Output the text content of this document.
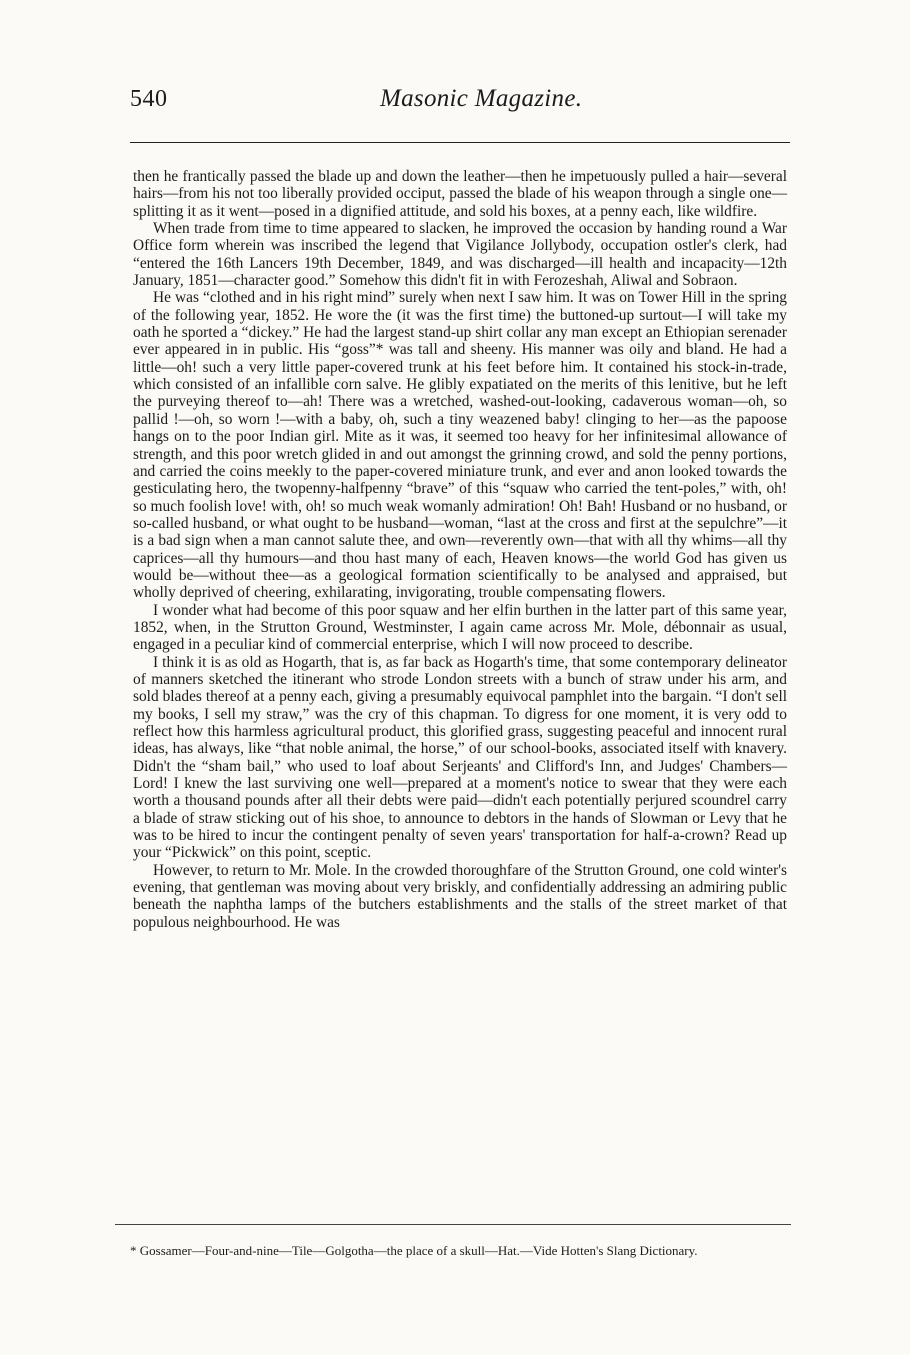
540	Masonic Magazine.

then he frantically passed the blade up and down the leather—then he impetuously pulled a hair—several hairs—from his not too liberally provided occiput, passed the blade of his weapon through a single one—splitting it as it went—posed in a dignified attitude, and sold his boxes, at a penny each, like wildfire.

When trade from time to time appeared to slacken, he improved the occasion by handing round a War Office form wherein was inscribed the legend that Vigilance Jollybody, occupation ostler's clerk, had “entered the 16th Lancers 19th December, 1849, and was discharged—ill health and incapacity—12th January, 1851—character good.” Somehow this didn't fit in with Ferozeshah, Aliwal and Sobraon.

He was “clothed and in his right mind” surely when next I saw him. It was on Tower Hill in the spring of the following year, 1852. He wore the (it was the first time) the buttoned-up surtout—I will take my oath he sported a “dickey.” He had the largest stand-up shirt collar any man except an Ethiopian serenader ever appeared in in public. His “goss”* was tall and sheeny. His manner was oily and bland. He had a little—oh! such a very little paper-covered trunk at his feet before him. It contained his stock-in-trade, which consisted of an infallible corn salve. He glibly expatiated on the merits of this lenitive, but he left the purveying thereof to—ah! There was a wretched, washed-out-looking, cadaverous woman—oh, so pallid !—oh, so worn !—with a baby, oh, such a tiny weazened baby! clinging to her—as the papoose hangs on to the poor Indian girl. Mite as it was, it seemed too heavy for her infinitesimal allowance of strength, and this poor wretch glided in and out amongst the grinning crowd, and sold the penny portions, and carried the coins meekly to the paper-covered miniature trunk, and ever and anon looked towards the gesticulating hero, the twopenny-halfpenny “brave” of this “squaw who carried the tent-poles,” with, oh! so much foolish love! with, oh! so much weak womanly admiration! Oh! Bah! Husband or no husband, or so-called husband, or what ought to be husband—woman, “last at the cross and first at the sepulchre”—it is a bad sign when a man cannot salute thee, and own—reverently own—that with all thy whims—all thy caprices—all thy humours—and thou hast many of each, Heaven knows—the world God has given us would be—without thee—as a geological formation scientifically to be analysed and appraised, but wholly deprived of cheering, exhilarating, invigorating, trouble compensating flowers.

I wonder what had become of this poor squaw and her elfin burthen in the latter part of this same year, 1852, when, in the Strutton Ground, Westminster, I again came across Mr. Mole, débonnair as usual, engaged in a peculiar kind of commercial enterprise, which I will now proceed to describe.

I think it is as old as Hogarth, that is, as far back as Hogarth's time, that some contemporary delineator of manners sketched the itinerant who strode London streets with a bunch of straw under his arm, and sold blades thereof at a penny each, giving a presumably equivocal pamphlet into the bargain. “I don't sell my books, I sell my straw,” was the cry of this chapman. To digress for one moment, it is very odd to reflect how this harmless agricultural product, this glorified grass, suggesting peaceful and innocent rural ideas, has always, like “that noble animal, the horse,” of our school-books, associated itself with knavery. Didn't the “sham bail,” who used to loaf about Serjeants' and Clifford's Inn, and Judges' Chambers—Lord! I knew the last surviving one well—prepared at a moment's notice to swear that they were each worth a thousand pounds after all their debts were paid—didn't each potentially perjured scoundrel carry a blade of straw sticking out of his shoe, to announce to debtors in the hands of Slowman or Levy that he was to be hired to incur the contingent penalty of seven years' transportation for half-a-crown? Read up your “Pickwick” on this point, sceptic.

However, to return to Mr. Mole. In the crowded thoroughfare of the Strutton Ground, one cold winter's evening, that gentleman was moving about very briskly, and confidentially addressing an admiring public beneath the naphtha lamps of the butchers establishments and the stalls of the street market of that populous neighbourhood. He was

* Gossamer—Four-and-nine—Tile—Golgotha—the place of a skull—Hat.—Vide Hotten's Slang Dictionary.
